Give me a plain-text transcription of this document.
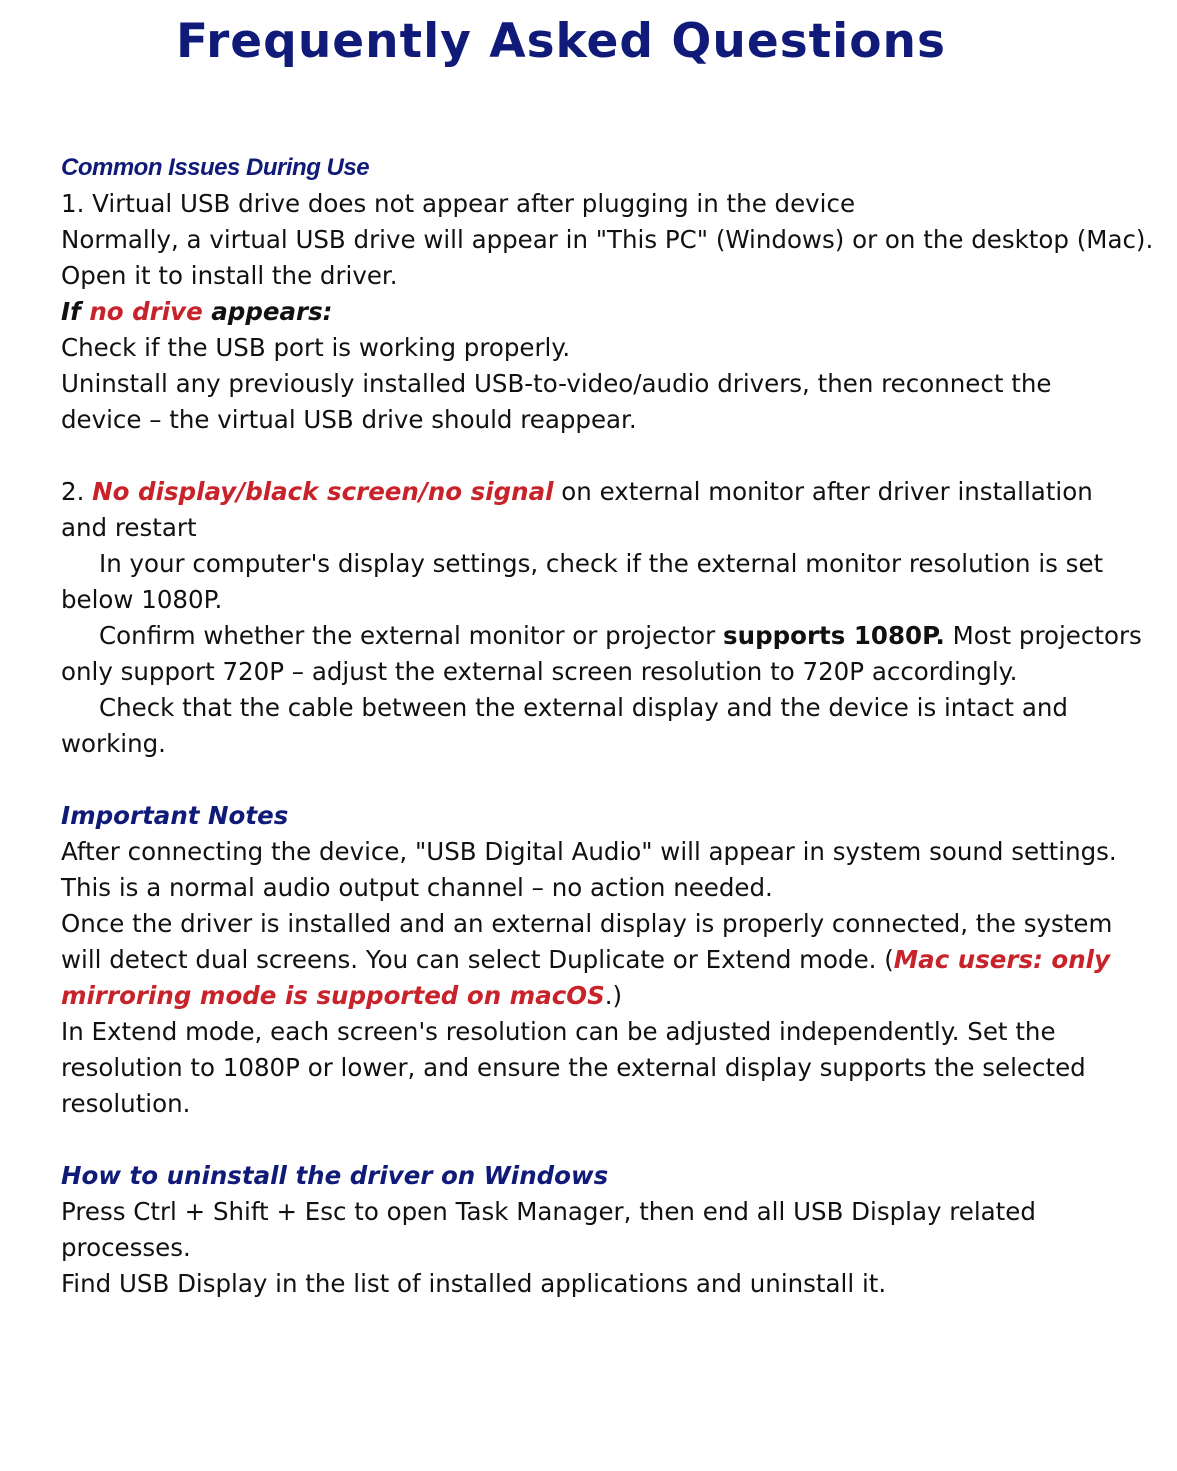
Frequently Asked Questions
Common Issues During Use
1. Virtual USB drive does not appear after plugging in the device
Normally, a virtual USB drive will appear in "This PC" (Windows) or on the desktop (Mac).
Open it to install the driver.
If no drive appears:
Check if the USB port is working properly.
Uninstall any previously installed USB-to-video/audio drivers, then reconnect the
device – the virtual USB drive should reappear.
2. No display/black screen/no signal on external monitor after driver installation
and restart
In your computer's display settings, check if the external monitor resolution is set
below 1080P.
Confirm whether the external monitor or projector supports 1080P. Most projectors
only support 720P – adjust the external screen resolution to 720P accordingly.
Check that the cable between the external display and the device is intact and
working.
Important Notes
After connecting the device, "USB Digital Audio" will appear in system sound settings.
This is a normal audio output channel – no action needed.
Once the driver is installed and an external display is properly connected, the system
will detect dual screens. You can select Duplicate or Extend mode. (Mac users: only
mirroring mode is supported on macOS.)
In Extend mode, each screen's resolution can be adjusted independently. Set the
resolution to 1080P or lower, and ensure the external display supports the selected
resolution.
How to uninstall the driver on Windows
Press Ctrl + Shift + Esc to open Task Manager, then end all USB Display related
processes.
Find USB Display in the list of installed applications and uninstall it.
